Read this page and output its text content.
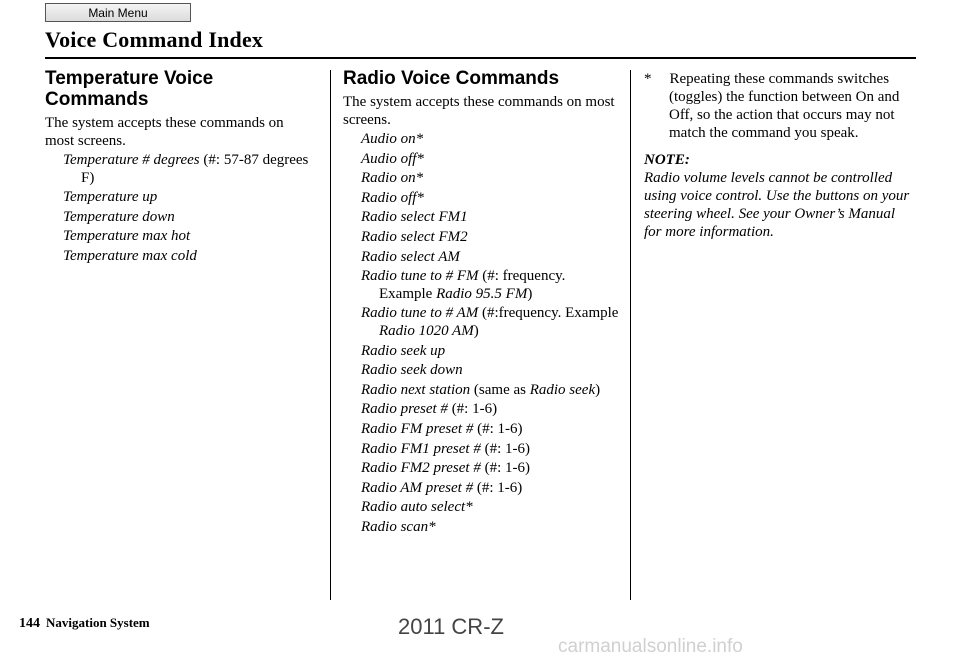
Main Menu
Voice Command Index
Temperature Voice Commands
The system accepts these commands on most screens.
Temperature # degrees (#: 57-87 degrees F)
Temperature up
Temperature down
Temperature max hot
Temperature max cold
Radio Voice Commands
The system accepts these commands on most screens.
Audio on*
Audio off*
Radio on*
Radio off*
Radio select FM1
Radio select FM2
Radio select AM
Radio tune to # FM (#: frequency. Example Radio 95.5 FM)
Radio tune to # AM (#:frequency. Example Radio 1020 AM)
Radio seek up
Radio seek down
Radio next station (same as Radio seek)
Radio preset # (#: 1-6)
Radio FM preset # (#: 1-6)
Radio FM1 preset # (#: 1-6)
Radio FM2 preset # (#: 1-6)
Radio AM preset # (#: 1-6)
Radio auto select*
Radio scan*
* Repeating these commands switches (toggles) the function between On and Off, so the action that occurs may not match the command you speak.
NOTE:
Radio volume levels cannot be controlled using voice control. Use the buttons on your steering wheel. See your Owner’s Manual for more information.
144 Navigation System	2011 CR-Z
carmanualsonline.info
